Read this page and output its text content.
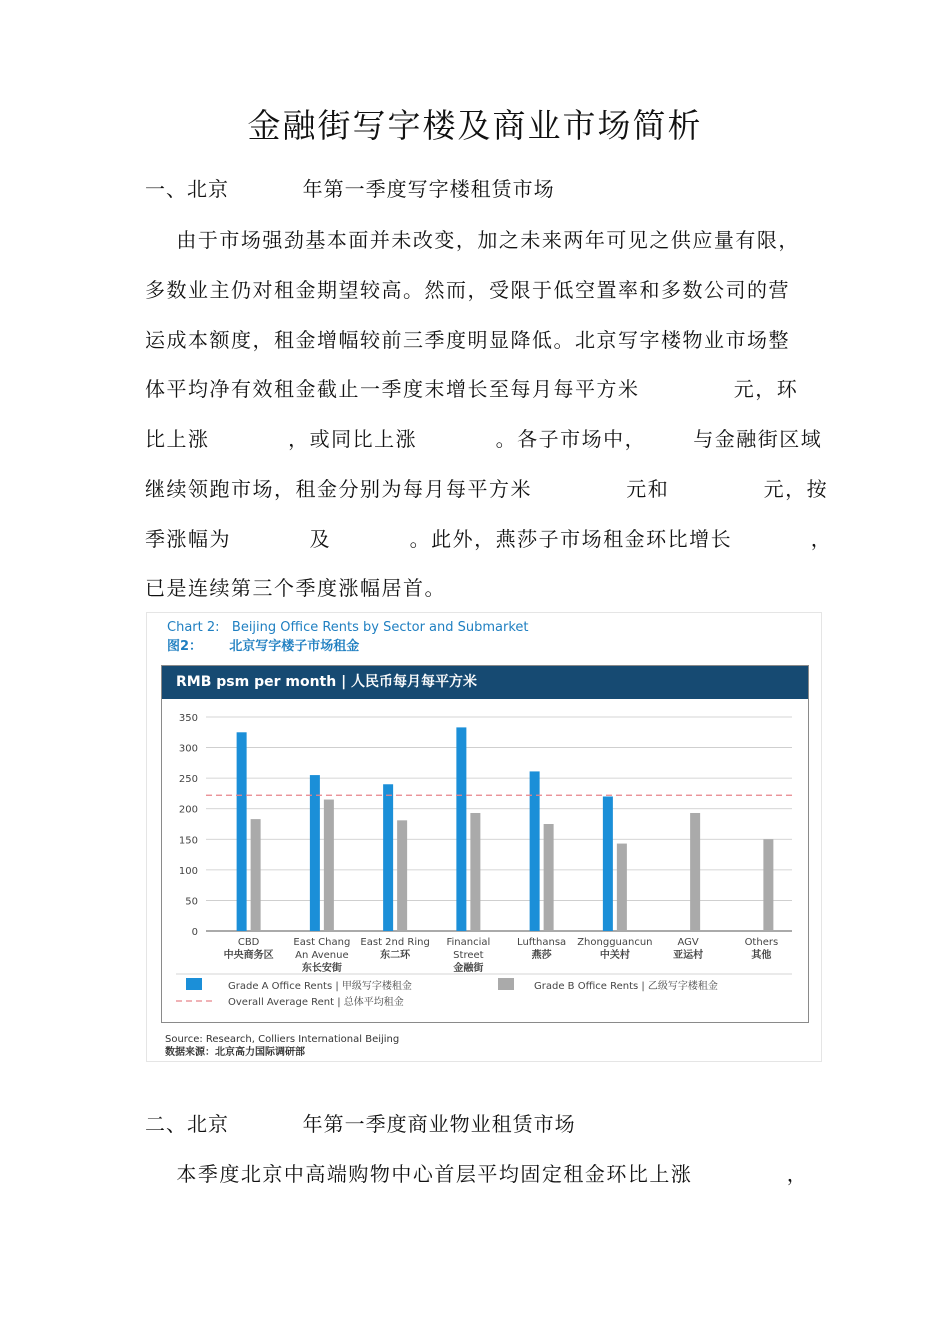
金融街写字楼及商业市场简析
一、北京          年第一季度写字楼租赁市场
由于市场强劲基本面并未改变，加之未来两年可见之供应量有限，
多数业主仍对租金期望较高。然而，受限于低空置率和多数公司的营
运成本额度，租金增幅较前三季度明显降低。北京写字楼物业市场整
体平均净有效租金截止一季度末增长至每月每平方米            元，环
比上涨          ，或同比上涨          。各子市场中，      与金融街区域
继续领跑市场，租金分别为每月每平方米            元和            元，按
季涨幅为          及          。此外，燕莎子市场租金环比增长          ，
已是连续第三个季度涨幅居首。
Chart 2:   Beijing Office Rents by Sector and Submarket
图2：      北京写字楼子市场租金
RMB psm per month | 人民币每月每平方米
0
50
100
150
200
250
300
350
CBD
中央商务区
East Chang
An Avenue
东长安街
East 2nd Ring
东二环
Financial
Street
金融街
Lufthansa
燕莎
Zhongguancun
中关村
AGV
亚运村
Others
其他
Grade A Office Rents | 甲级写字楼租金	Grade B Office Rents | 乙级写字楼租金
Overall Average Rent | 总体平均租金
Source: Research, Colliers International Beijing
数据来源：北京高力国际调研部
二、北京          年第一季度商业物业租赁市场
本季度北京中高端购物中心首层平均固定租金环比上涨            ，
